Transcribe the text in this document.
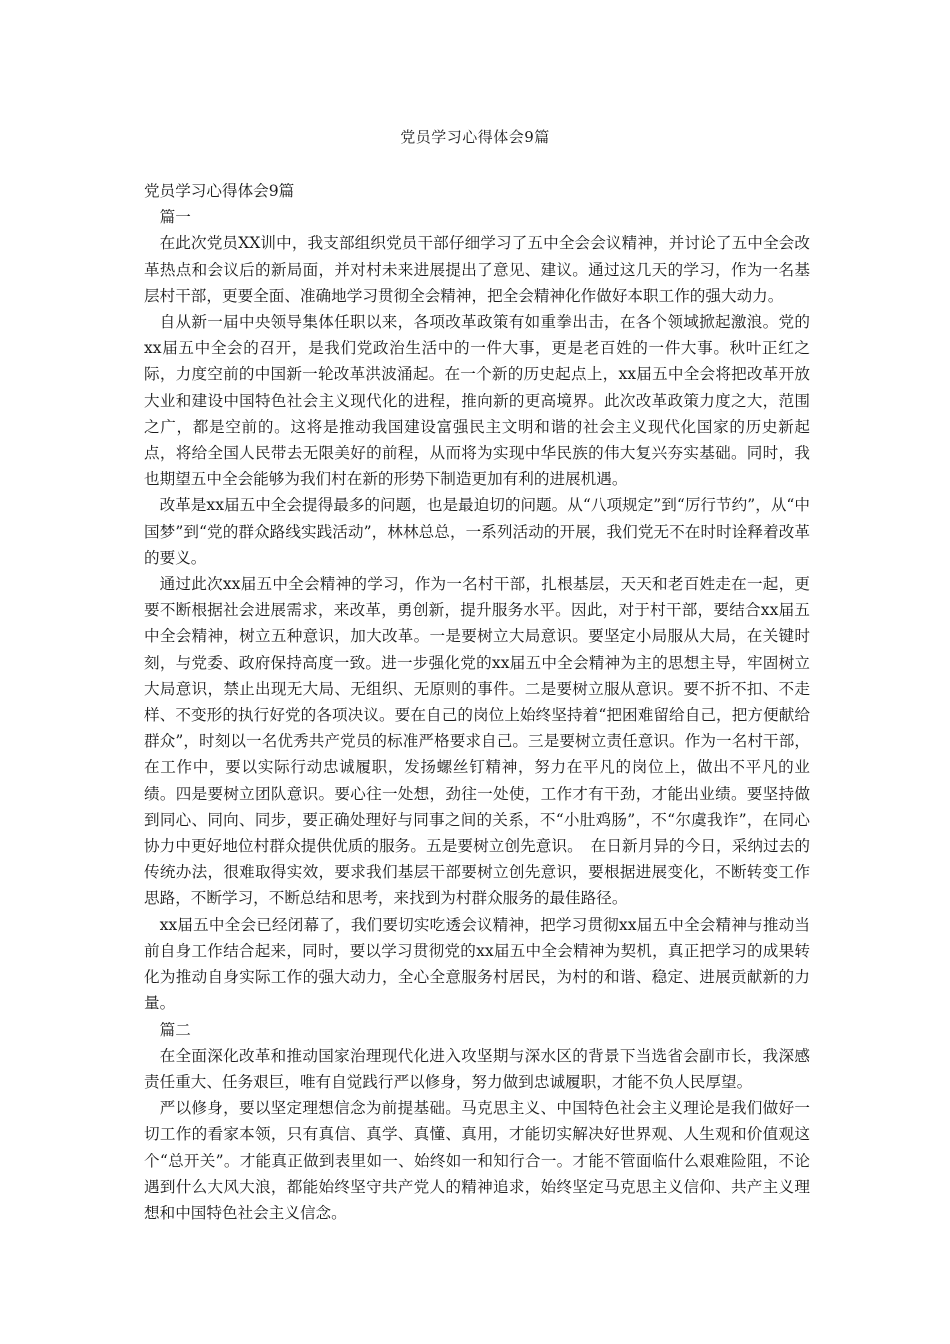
党员学习心得体会9篇

党员学习心得体会9篇

篇一

在此次党员XX训中，我支部组织党员干部仔细学习了五中全会会议精神，并讨论了五中全会改革热点和会议后的新局面，并对村未来进展提出了意见、建议。通过这几天的学习，作为一名基层村干部，更要全面、准确地学习贯彻全会精神，把全会精神化作做好本职工作的强大动力。

自从新一届中央领导集体任职以来，各项改革政策有如重拳出击，在各个领域掀起激浪。党的xx届五中全会的召开，是我们党政治生活中的一件大事，更是老百姓的一件大事。秋叶正红之际，力度空前的中国新一轮改革洪波涌起。在一个新的历史起点上，xx届五中全会将把改革开放大业和建设中国特色社会主义现代化的进程，推向新的更高境界。此次改革政策力度之大，范围之广，都是空前的。这将是推动我国建设富强民主文明和谐的社会主义现代化国家的历史新起点，将给全国人民带去无限美好的前程，从而将为实现中华民族的伟大复兴夯实基础。同时，我也期望五中全会能够为我们村在新的形势下制造更加有利的进展机遇。

改革是xx届五中全会提得最多的问题，也是最迫切的问题。从“八项规定”到“厉行节约”，从“中国梦”到“党的群众路线实践活动”，林林总总，一系列活动的开展，我们党无不在时时诠释着改革的要义。

通过此次xx届五中全会精神的学习，作为一名村干部，扎根基层，天天和老百姓走在一起，更要不断根据社会进展需求，来改革，勇创新，提升服务水平。因此，对于村干部，要结合xx届五中全会精神，树立五种意识，加大改革。一是要树立大局意识。要坚定小局服从大局，在关键时刻，与党委、政府保持高度一致。进一步强化党的xx届五中全会精神为主的思想主导，牢固树立大局意识，禁止出现无大局、无组织、无原则的事件。二是要树立服从意识。要不折不扣、不走样、不变形的执行好党的各项决议。要在自己的岗位上始终坚持着“把困难留给自己，把方便献给群众”，时刻以一名优秀共产党员的标准严格要求自己。三是要树立责任意识。作为一名村干部，在工作中，要以实际行动忠诚履职，发扬螺丝钉精神，努力在平凡的岗位上，做出不平凡的业绩。四是要树立团队意识。要心往一处想，劲往一处使，工作才有干劲，才能出业绩。要坚持做到同心、同向、同步，要正确处理好与同事之间的关系，不“小肚鸡肠”，不“尔虞我诈”，在同心协力中更好地位村群众提供优质的服务。五是要树立创先意识。　在日新月异的今日，采纳过去的传统办法，很难取得实效，要求我们基层干部要树立创先意识，要根据进展变化，不断转变工作思路，不断学习，不断总结和思考，来找到为村群众服务的最佳路径。

xx届五中全会已经闭幕了，我们要切实吃透会议精神，把学习贯彻xx届五中全会精神与推动当前自身工作结合起来，同时，要以学习贯彻党的xx届五中全会精神为契机，真正把学习的成果转化为推动自身实际工作的强大动力，全心全意服务村居民，为村的和谐、稳定、进展贡献新的力量。

篇二

在全面深化改革和推动国家治理现代化进入攻坚期与深水区的背景下当选省会副市长，我深感责任重大、任务艰巨，唯有自觉践行严以修身，努力做到忠诚履职，才能不负人民厚望。

严以修身，要以坚定理想信念为前提基础。马克思主义、中国特色社会主义理论是我们做好一切工作的看家本领，只有真信、真学、真懂、真用，才能切实解决好世界观、人生观和价值观这个“总开关”。才能真正做到表里如一、始终如一和知行合一。才能不管面临什么艰难险阻，不论遇到什么大风大浪，都能始终坚守共产党人的精神追求，始终坚定马克思主义信仰、共产主义理想和中国特色社会主义信念。
